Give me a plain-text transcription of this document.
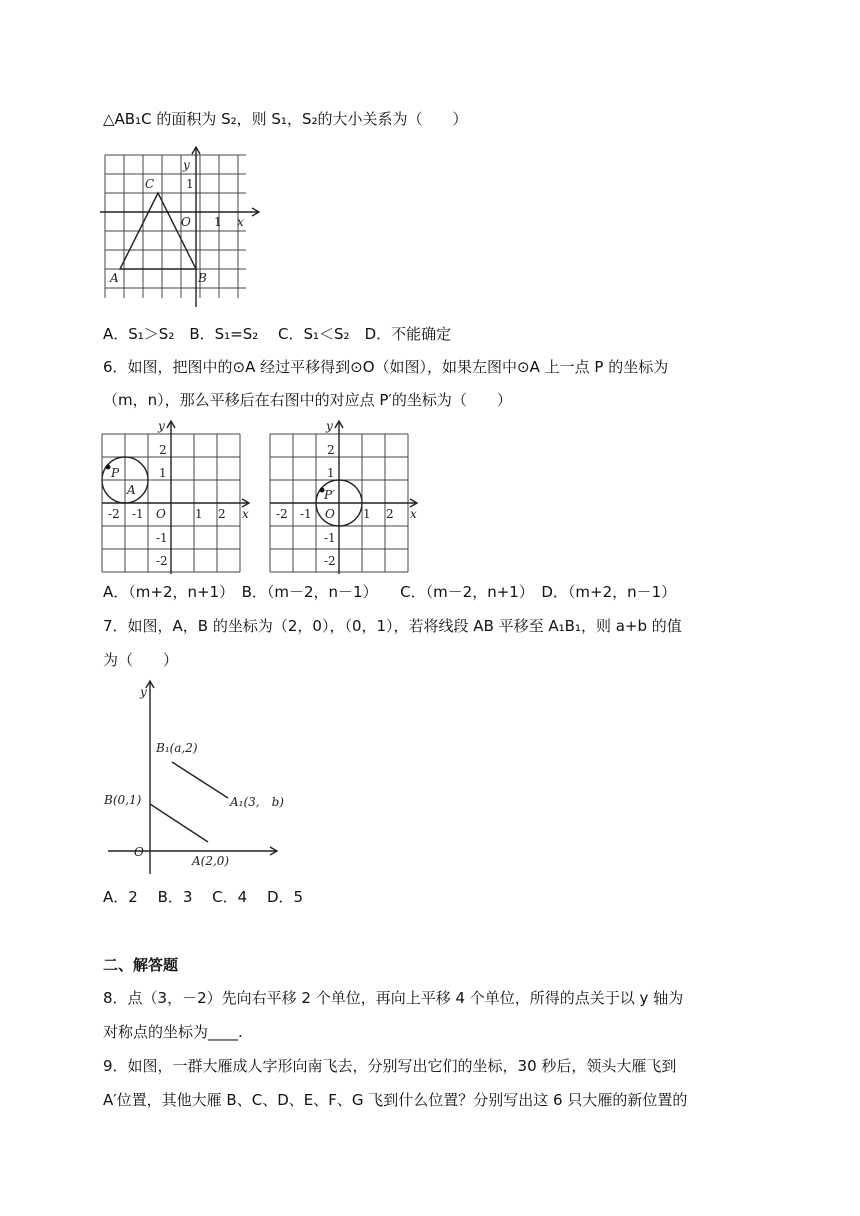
△AB₁C 的面积为 S₂，则 S₁，S₂的大小关系为（　　）
y
1
C
O 1 x
A	B
A．S₁＞S₂　B．S₁=S₂　 C．S₁＜S₂　D．不能确定
6．如图，把图中的⊙A 经过平移得到⊙O（如图），如果左图中⊙A 上一点 P 的坐标为
（m，n），那么平移后在右图中的对应点 P′的坐标为（　　）
y
2
1
P
A
-2 -1 O 1 2 x
-1
-2
y
2
1
P′
-2 -1 O 1 2 x
-1
-2
A．（m+2，n+1）　B．（m－2，n－1）　　C．（m－2，n+1）　D．（m+2，n－1）
7．如图，A，B 的坐标为（2，0），（0，1），若将线段 AB 平移至 A₁B₁，则 a+b 的值
为（　　）
y
B₁(a,2)
A₁(3,　b)
B(0,1)
O
A(2,0)
A．2　 B．3　 C．4　 D．5
二、解答题
8．点（3，－2）先向右平移 2 个单位，再向上平移 4 个单位，所得的点关于以 y 轴为
对称点的坐标为____.
9．如图，一群大雁成人字形向南飞去，分别写出它们的坐标，30 秒后，领头大雁飞到
A′位置，其他大雁 B、C、D、E、F、G 飞到什么位置？分别写出这 6 只大雁的新位置的
